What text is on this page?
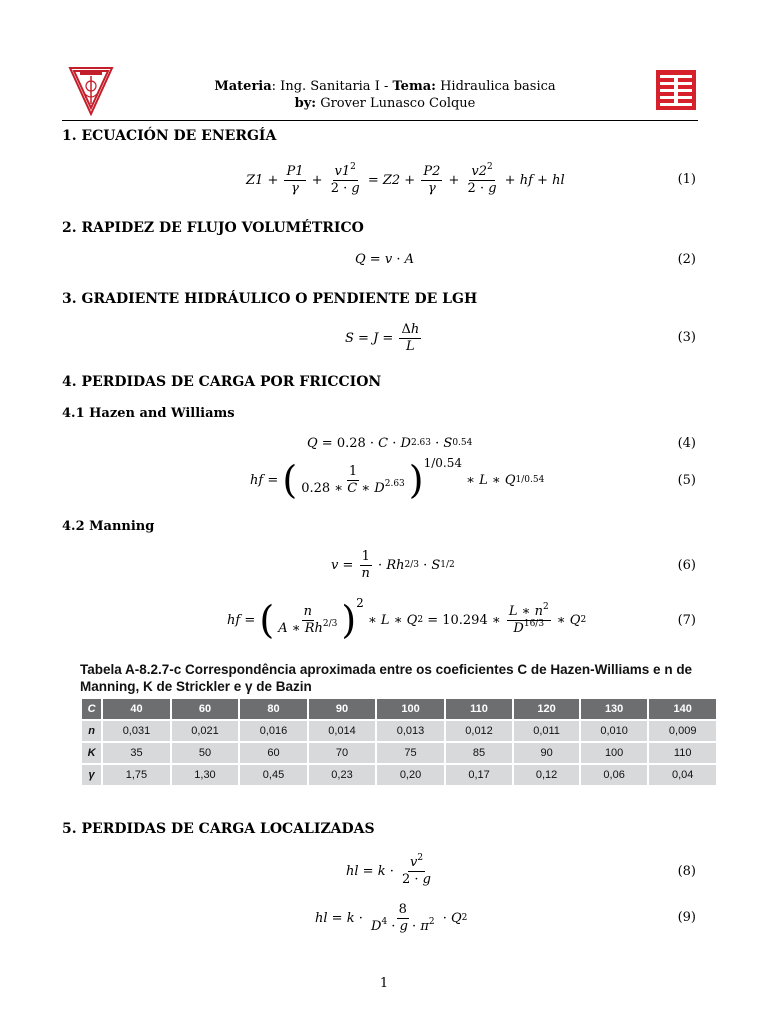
Materia: Ing. Sanitaria I - Tema: Hidraulica basica
by: Grover Lunasco Colque
1. ECUACIÓN DE ENERGÍA
$Z1 + \frac{P1}{\gamma} + \frac{v1^2}{2 \cdot g} = Z2 + \frac{P2}{\gamma} + \frac{v2^2}{2 \cdot g}$ + hf + hl	(1)
2. RAPIDEZ DE FLUJO VOLUMÉTRICO
Q = v · A	(2)
3. GRADIENTE HIDRÁULICO O PENDIENTE DE LGH
$S = J = \frac{\Delta h}{L}$	(3)
4. PERDIDAS DE CARGA POR FRICCION
4.1 Hazen and Williams
Q = 0.28 · C · D 2.63 · S 0.54	(4)
hf = ( $\frac{1}{0.28 ∗ C ∗ D^{2.63}}$ ) 1/0.54
∗ L ∗ Q 1/0.54	(5)
4.2 Manning
$v = \frac{1}{n} \cdot Rh$ 2/3 · S 1/2	(6)
hf = ( $\frac{n}{A ∗ Rh^{2/3}}$ ) 2
∗ L ∗ Q 2 = 10.294 ∗ $\frac{L ∗ n^2}{D^{16/3}}$ ∗ Q 2	(7)
Tabela A-8.2.7-c Correspondência aproximada entre os coeficientes C de Hazen-Williams e n de Manning, K de Strickler e γ de Bazin
C	40	60	80	90	100	110	120	130	140
n	0,031	0,021	0,016	0,014	0,013	0,012	0,011	0,010	0,009
K	35	50	60	70	75	85	90	100	110
γ	1,75	1,30	0,45	0,23	0,20	0,17	0,12	0,06	0,04
5. PERDIDAS DE CARGA LOCALIZADAS
hl = $k \cdot \frac{v^2}{2 \cdot g}$	(8)
hl = $k \cdot \frac{8}{D^4 \cdot g \cdot \pi^2} \cdot Q$ 2	(9)
1
